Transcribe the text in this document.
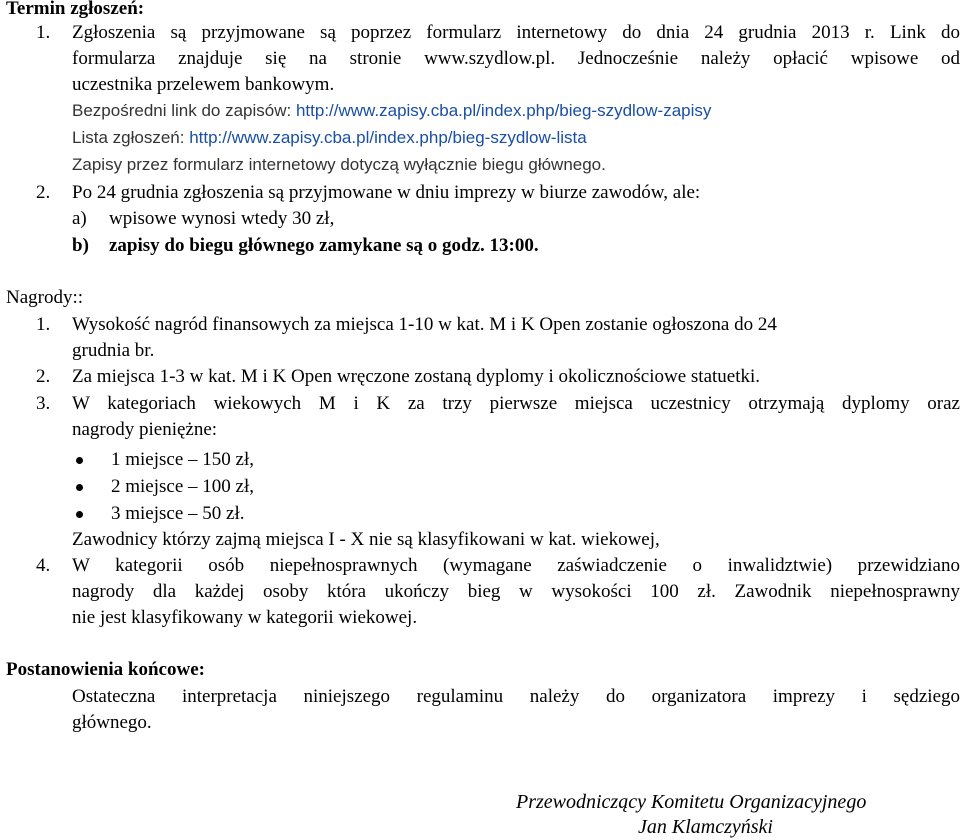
Termin zgłoszeń:
1. Zgłoszenia są przyjmowane są poprzez formularz internetowy do dnia 24 grudnia 2013 r. Link do
formularza znajduje się na stronie www.szydlow.pl. Jednocześnie należy opłacić wpisowe od
uczestnika przelewem bankowym.
Bezpośredni link do zapisów: http://www.zapisy.cba.pl/index.php/bieg-szydlow-zapisy
Lista zgłoszeń: http://www.zapisy.cba.pl/index.php/bieg-szydlow-lista
Zapisy przez formularz internetowy dotyczą wyłącznie biegu głównego.
2. Po 24 grudnia zgłoszenia są przyjmowane w dniu imprezy w biurze zawodów, ale:
a) wpisowe wynosi wtedy 30 zł,
b) zapisy do biegu głównego zamykane są o godz. 13:00.
Nagrody::
1. Wysokość nagród finansowych za miejsca 1-10 w kat. M i K Open zostanie ogłoszona do 24
grudnia br.
2. Za miejsca 1-3 w kat. M i K Open wręczone zostaną dyplomy i okolicznościowe statuetki.
3. W kategoriach wiekowych M i K za trzy pierwsze miejsca uczestnicy otrzymają dyplomy oraz
nagrody pieniężne:
1 miejsce – 150 zł,
2 miejsce – 100 zł,
3 miejsce – 50 zł.
Zawodnicy którzy zajmą miejsca I - X nie są klasyfikowani w kat. wiekowej,
4. W kategorii osób niepełnosprawnych (wymagane zaświadczenie o inwalidztwie) przewidziano
nagrody dla każdej osoby która ukończy bieg w wysokości 100 zł. Zawodnik niepełnosprawny
nie jest klasyfikowany w kategorii wiekowej.
Postanowienia końcowe:
Ostateczna interpretacja niniejszego regulaminu należy do organizatora imprezy i sędziego
głównego.
Przewodniczący Komitetu Organizacyjnego
Jan Klamczyński
